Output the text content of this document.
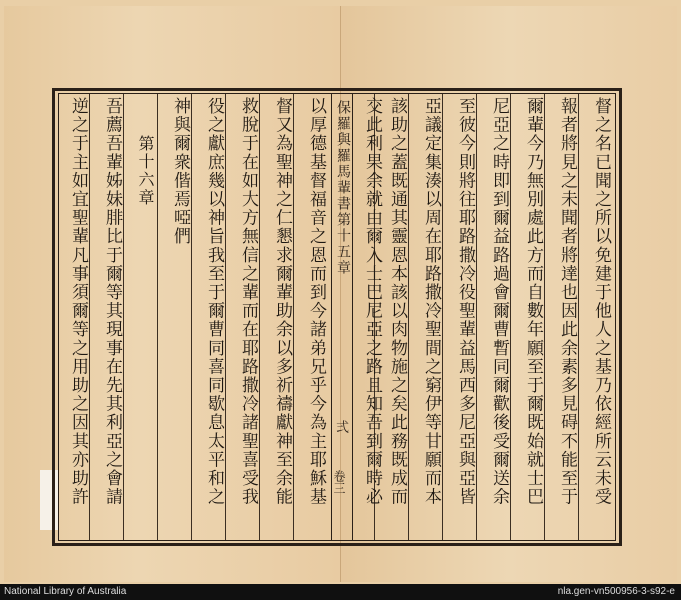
督之名已聞之所以免建于他人之基乃依經所云未受
報者將見之未聞者將達也因此余素多見碍不能至于
爾輩今乃無別處此方而自數年願至于爾既始就士巴
尼亞之時即到爾益路過會爾曹暫同爾歡後受爾送余
至彼今則將往耶路撒冷役聖輩益馬西多尼亞與亞皆
亞議定集湊以周在耶路撒冷聖間之窮伊等甘願而本
該助之蓋既通其靈恩本該以肉物施之矣此務既成而
交此利果余就由爾入士巴尼亞之路且知吾到爾時必
保羅與羅馬輩書第十五章
弍
卷三
以厚德基督福音之恩而到今諸弟兄乎今為主耶穌基
督又為聖神之仁懇求爾輩助余以多祈禱獻神至余能
救脫于在如大方無信之輩而在耶路撒冷諸聖喜受我
役之獻庶幾以神旨我至于爾曹同喜同歇息太平和之
神與爾衆偕焉啞們
第十六章
吾薦吾輩姊妹腓比于爾等其現事在先其利亞之會請
逆之于主如宜聖輩凡事須爾等之用助之因其亦助許
National Library of Australia	nla.gen-vn500956-3-s92-e
